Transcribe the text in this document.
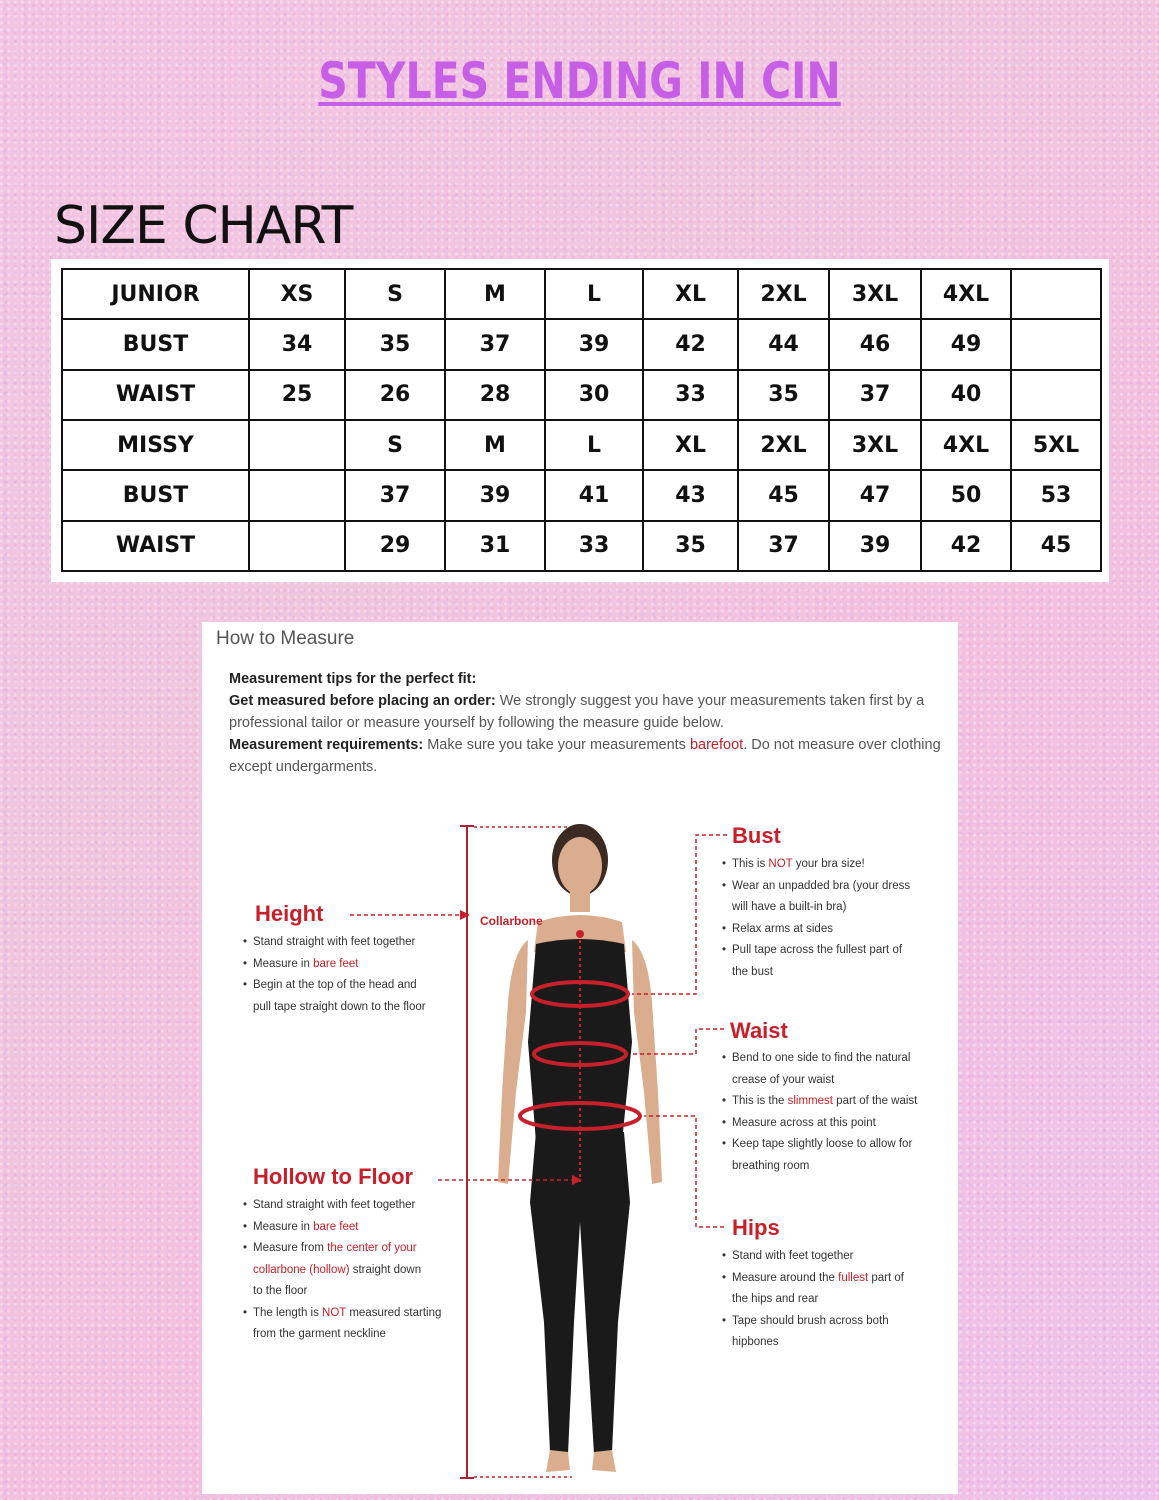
STYLES ENDING IN CIN
SIZE CHART
JUNIOR	XS	S	M	L	XL	2XL	3XL	4XL	
BUST	34	35	37	39	42	44	46	49	
WAIST	25	26	28	30	33	35	37	40	
MISSY		S	M	L	XL	2XL	3XL	4XL	5XL
BUST		37	39	41	43	45	47	50	53
WAIST		29	31	33	35	37	39	42	45
How to Measure
Measurement tips for the perfect fit:
Get measured before placing an order: We strongly suggest you have your measurements taken first by a professional tailor or measure yourself by following the measure guide below.
Measurement requirements: Make sure you take your measurements barefoot. Do not measure over clothing except undergarments.
Collarbone
Height
• Stand straight with feet together
• Measure in bare feet
• Begin at the top of the head and
pull tape straight down to the floor
Hollow to Floor
• Stand straight with feet together
• Measure in bare feet
• Measure from the center of your
collarbone (hollow) straight down
to the floor
• The length is NOT measured starting
from the garment neckline
Bust
• This is NOT your bra size!
• Wear an unpadded bra (your dress
will have a built-in bra)
• Relax arms at sides
• Pull tape across the fullest part of
the bust
Waist
• Bend to one side to find the natural
crease of your waist
• This is the slimmest part of the waist
• Measure across at this point
• Keep tape slightly loose to allow for
breathing room
Hips
• Stand with feet together
• Measure around the fullest part of
the hips and rear
• Tape should brush across both
hipbones
